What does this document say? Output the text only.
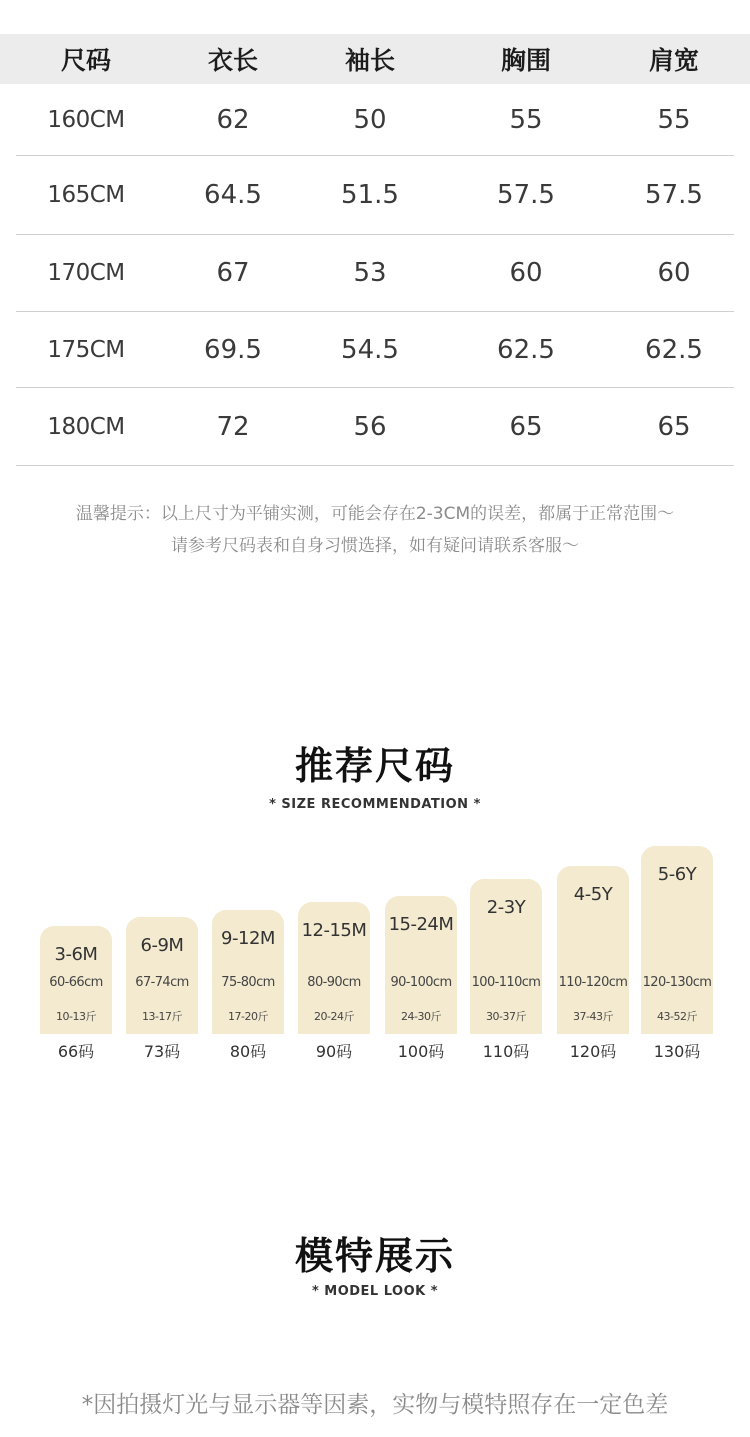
尺码	衣长	袖长	胸围	肩宽
160CM	62	50	55	55
165CM	64.5	51.5	57.5	57.5
170CM	67	53	60	60
175CM	69.5	54.5	62.5	62.5
180CM	72	56	65	65
温馨提示：以上尺寸为平铺实测，可能会存在2-3CM的误差，都属于正常范围～
请参考尺码表和自身习惯选择，如有疑问请联系客服～
推荐尺码
* SIZE RECOMMENDATION *
3-6M
60-66cm
10-13斤
66码
6-9M
67-74cm
13-17斤
73码
9-12M
75-80cm
17-20斤
80码
12-15M
80-90cm
20-24斤
90码
15-24M
90-100cm
24-30斤
100码
2-3Y
100-110cm
30-37斤
110码
4-5Y
110-120cm
37-43斤
120码
5-6Y
120-130cm
43-52斤
130码
模特展示
* MODEL LOOK *
*因拍摄灯光与显示器等因素，实物与模特照存在一定色差
